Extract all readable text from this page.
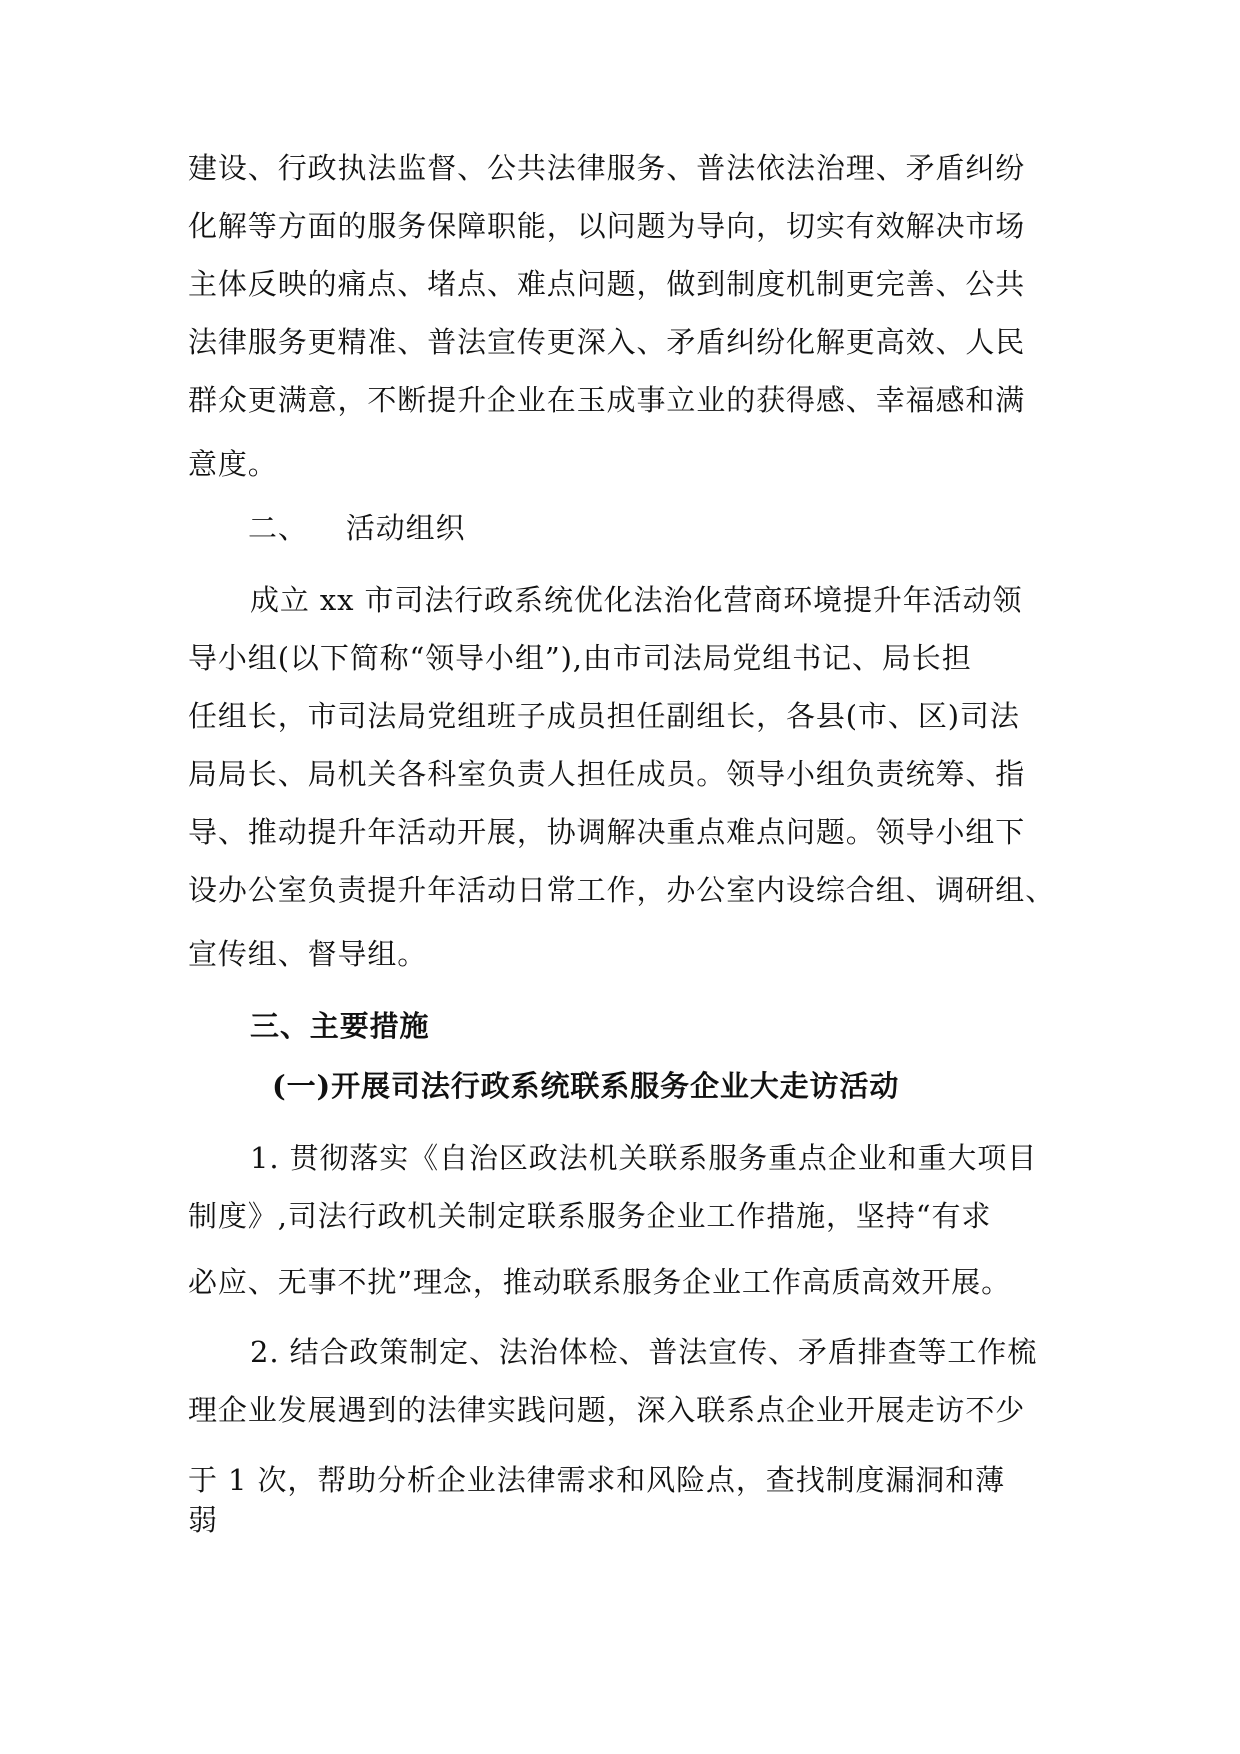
建设、行政执法监督、公共法律服务、普法依法治理、矛盾纠纷
化解等方面的服务保障职能，以问题为导向，切实有效解决市场
主体反映的痛点、堵点、难点问题，做到制度机制更完善、公共
法律服务更精准、普法宣传更深入、矛盾纠纷化解更高效、人民
群众更满意，不断提升企业在玉成事立业的获得感、幸福感和满
意度。
二、 活动组织
成立 xx 市司法行政系统优化法治化营商环境提升年活动领
导小组(以下简称“领导小组”),由市司法局党组书记、局长担
任组长，市司法局党组班子成员担任副组长，各县(市、区)司法
局局长、局机关各科室负责人担任成员。领导小组负责统筹、指
导、推动提升年活动开展，协调解决重点难点问题。领导小组下
设办公室负责提升年活动日常工作，办公室内设综合组、调研组、
宣传组、督导组。
三、主要措施
(一)开展司法行政系统联系服务企业大走访活动
1. 贯彻落实《自治区政法机关联系服务重点企业和重大项目
制度》,司法行政机关制定联系服务企业工作措施，坚持“有求
必应、无事不扰”理念，推动联系服务企业工作高质高效开展。
2. 结合政策制定、法治体检、普法宣传、矛盾排查等工作梳
理企业发展遇到的法律实践问题，深入联系点企业开展走访不少
于 1 次，帮助分析企业法律需求和风险点，查找制度漏洞和薄
弱
